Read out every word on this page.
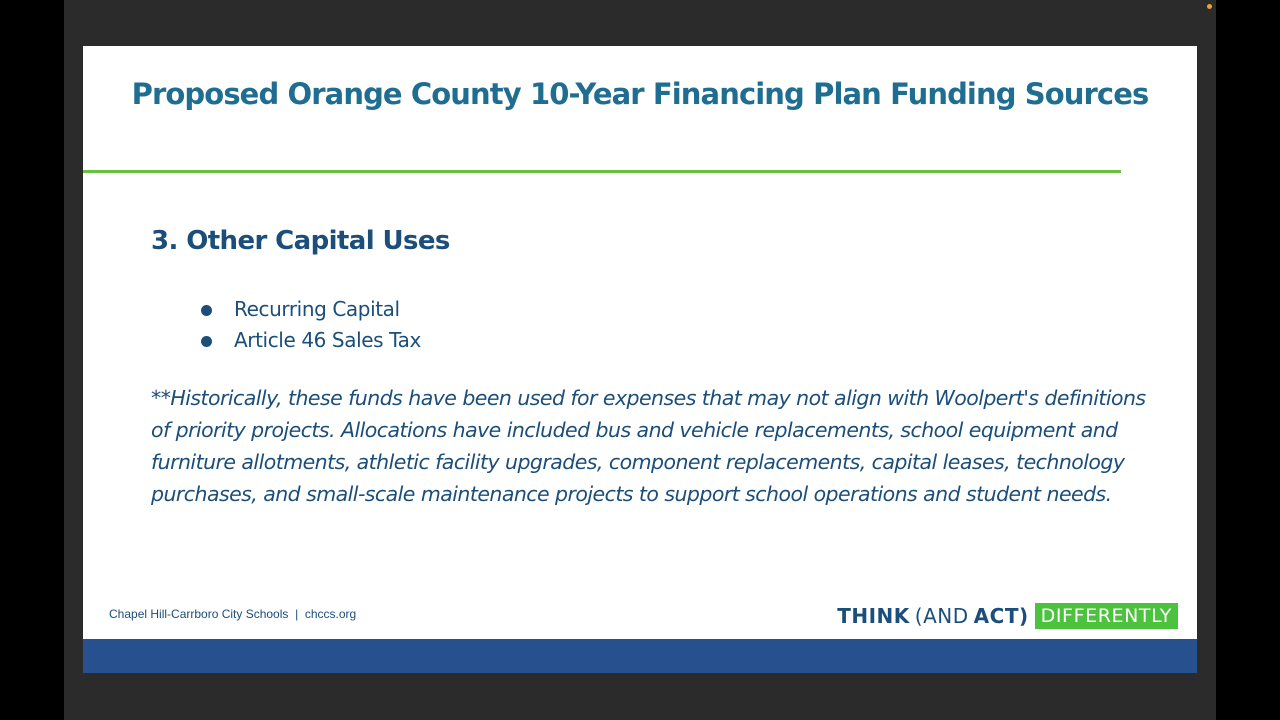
Proposed Orange County 10-Year Financing Plan Funding Sources
3. Other Capital Uses
Recurring Capital
Article 46 Sales Tax

**Historically, these funds have been used for expenses that may not align with Woolpert's definitions of priority projects. Allocations have included bus and vehicle replacements, school equipment and furniture allotments, athletic facility upgrades, component replacements, capital leases, technology purchases, and small-scale maintenance projects to support school operations and student needs.

Chapel Hill-Carrboro City Schools  |  chccs.org	THINK (AND ACT) DIFFERENTLY
